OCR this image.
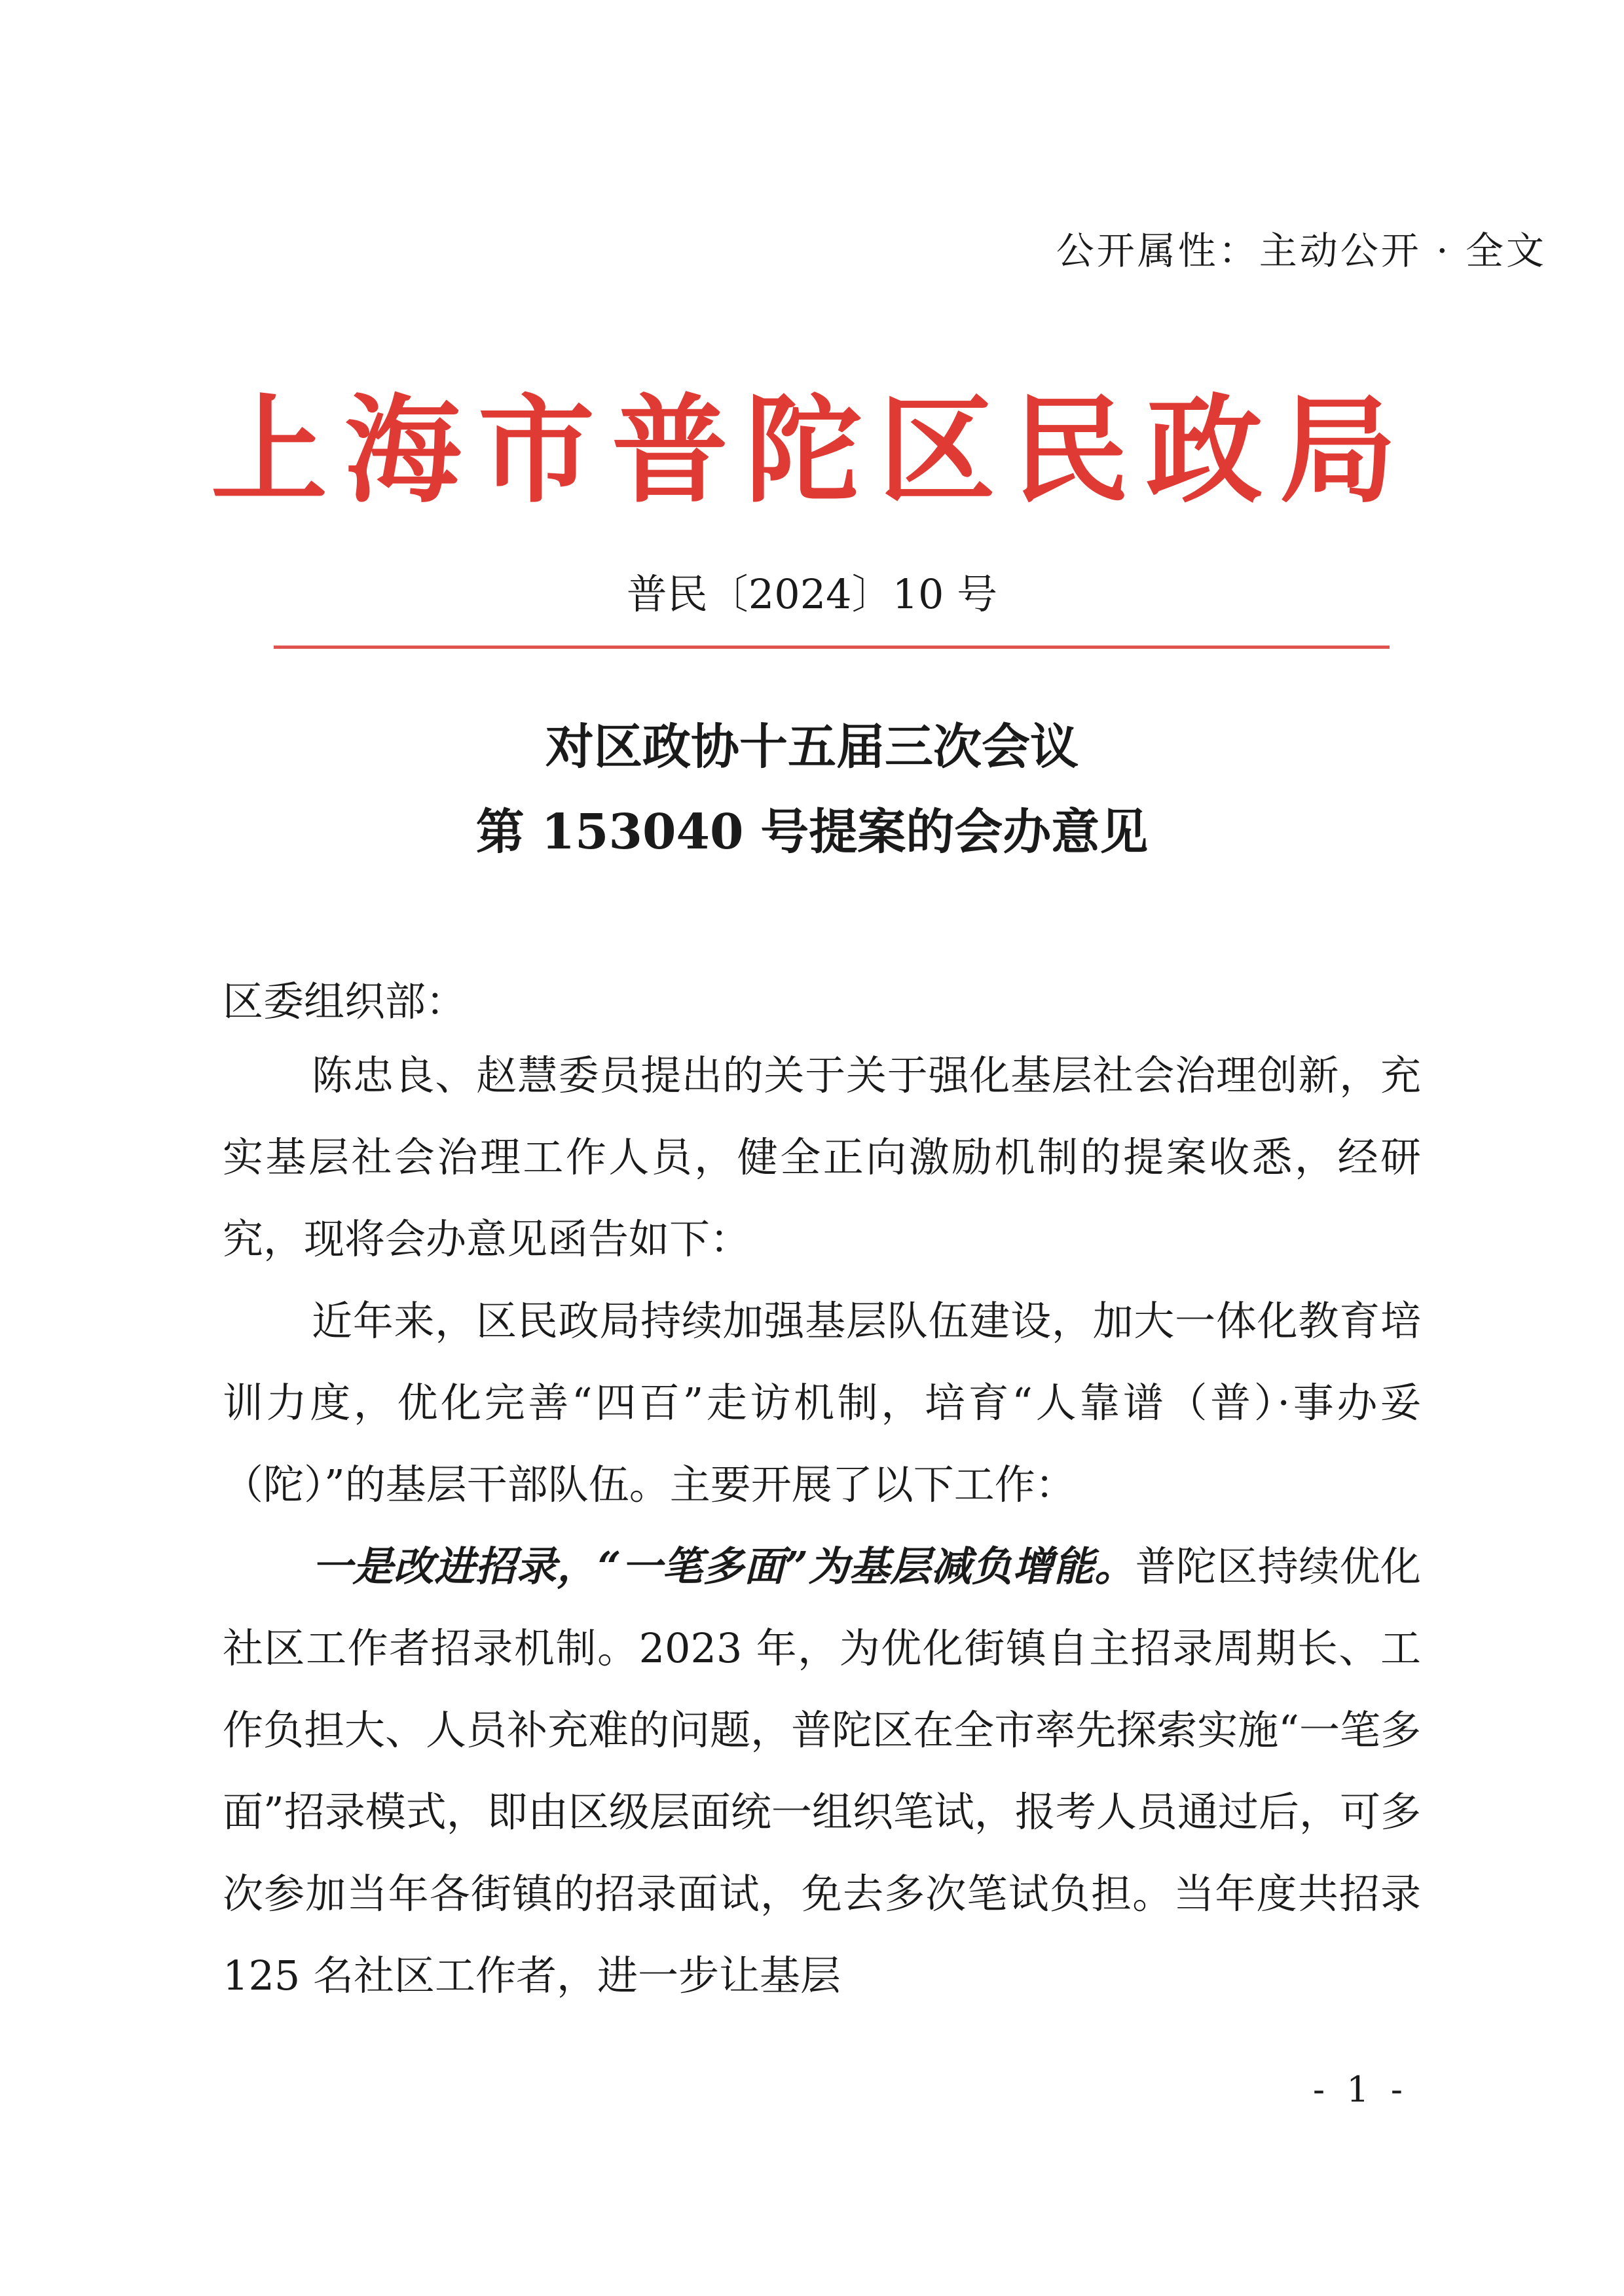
公开属性：主动公开 · 全文
上海市普陀区民政局
普民〔2024〕10 号
对区政协十五届三次会议
第 153040 号提案的会办意见
区委组织部：
陈忠良、赵慧委员提出的关于关于强化基层社会治理创新，充实基层社会治理工作人员，健全正向激励机制的提案收悉，经研究，现将会办意见函告如下：
近年来，区民政局持续加强基层队伍建设，加大一体化教育培训力度，优化完善“四百”走访机制，培育“人靠谱（普）·事办妥（陀）”的基层干部队伍。主要开展了以下工作：
一是改进招录，“一笔多面”为基层减负增能。普陀区持续优化社区工作者招录机制。2023 年，为优化街镇自主招录周期长、工作负担大、人员补充难的问题，普陀区在全市率先探索实施“一笔多面”招录模式，即由区级层面统一组织笔试，报考人员通过后，可多次参加当年各街镇的招录面试，免去多次笔试负担。当年度共招录 125 名社区工作者，进一步让基层
- 1 -
